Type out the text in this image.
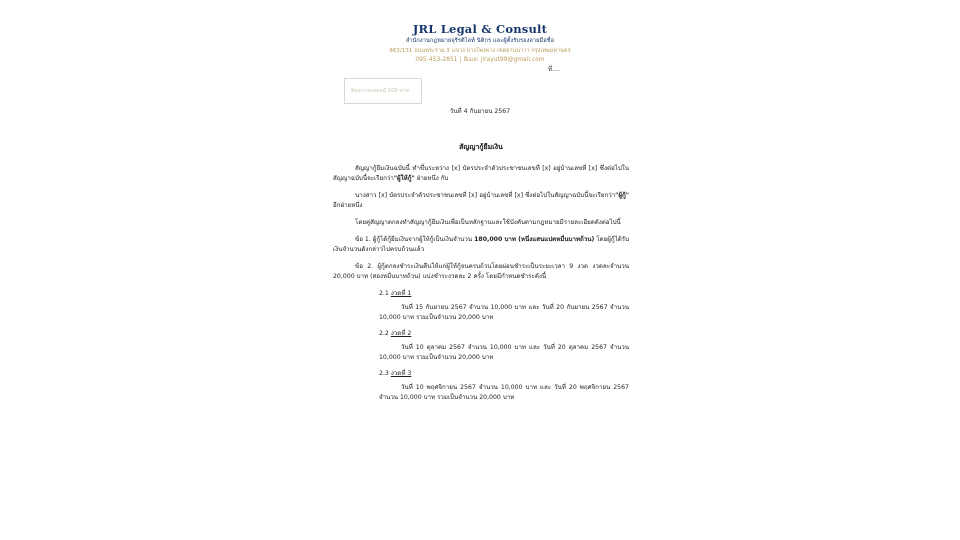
JRL Legal & Consult
สำนักงานกฎหมายจุรีรติไลท์ นิติกร และผู้ตั้งรับรองลายมือชื่อ
863/131 ถนนพระราม 3 แขวง บางโพงพาง เขตยานนาวา กรุงเทพมหานคร
095-453-2851 | อีเมล: jirayut99@gmail.com
ที่....
ติดอากรแสตมป์ 100 บาท
วันที่ 4 กันยายน 2567
สัญญากู้ยืมเงิน
สัญญากู้ยืมเงินฉบับนี้ ทำขึ้นระหว่าง [x] บัตรประจำตัวประชาชนเลขที่ [x] อยู่บ้านเลขที่ [x] ซึ่งต่อไปในสัญญาฉบับนี้จะเรียกว่า"ผู้ให้กู้" ฝ่ายหนึ่ง กับ
นางสาว [x] บัตรประจำตัวประชาชนเลขที่ [x] อยู่บ้านเลขที่ [x] ซึ่งต่อไปในสัญญาฉบับนี้จะเรียกว่า"ผู้กู้" อีกฝ่ายหนึ่ง
โดยคู่สัญญาตกลงทำสัญญากู้ยืมเงินเพื่อเป็นหลักฐานและใช้บังคับตามกฎหมายมีรายละเอียดดังต่อไปนี้
ข้อ 1. ผู้กู้ได้กู้ยืมเงินจากผู้ให้กู้เป็นเงินจำนวน 180,000 บาท (หนึ่งแสนแปดหมื่นบาทถ้วน) โดยผู้กู้ได้รับเงินจำนวนดังกล่าวไปครบถ้วนแล้ว
ข้อ 2. ผู้กู้ตกลงชำระเงินคืนให้แก่ผู้ให้กู้จนครบถ้วนโดยผ่อนชำระเป็นระยะเวลา 9 งวด งวดละจำนวน 20,000 บาท (สองหมื่นบาทถ้วน) แบ่งชำระงวดละ 2 ครั้ง โดยมีกำหนดชำระดังนี้
2.1 งวดที่ 1
วันที่ 15 กันยายน 2567 จำนวน 10,000 บาท และ วันที่ 20 กันยายน 2567 จำนวน 10,000 บาท รวมเป็นจำนวน 20,000 บาท
2.2 งวดที่ 2
วันที่ 10 ตุลาคม 2567 จำนวน 10,000 บาท และ วันที่ 20 ตุลาคม 2567 จำนวน 10,000 บาท รวมเป็นจำนวน 20,000 บาท
2.3 งวดที่ 3
วันที่ 10 พฤศจิกายน 2567 จำนวน 10,000 บาท และ วันที่ 20 พฤศจิกายน 2567 จำนวน 10,000 บาท รวมเป็นจำนวน 20,000 บาท
